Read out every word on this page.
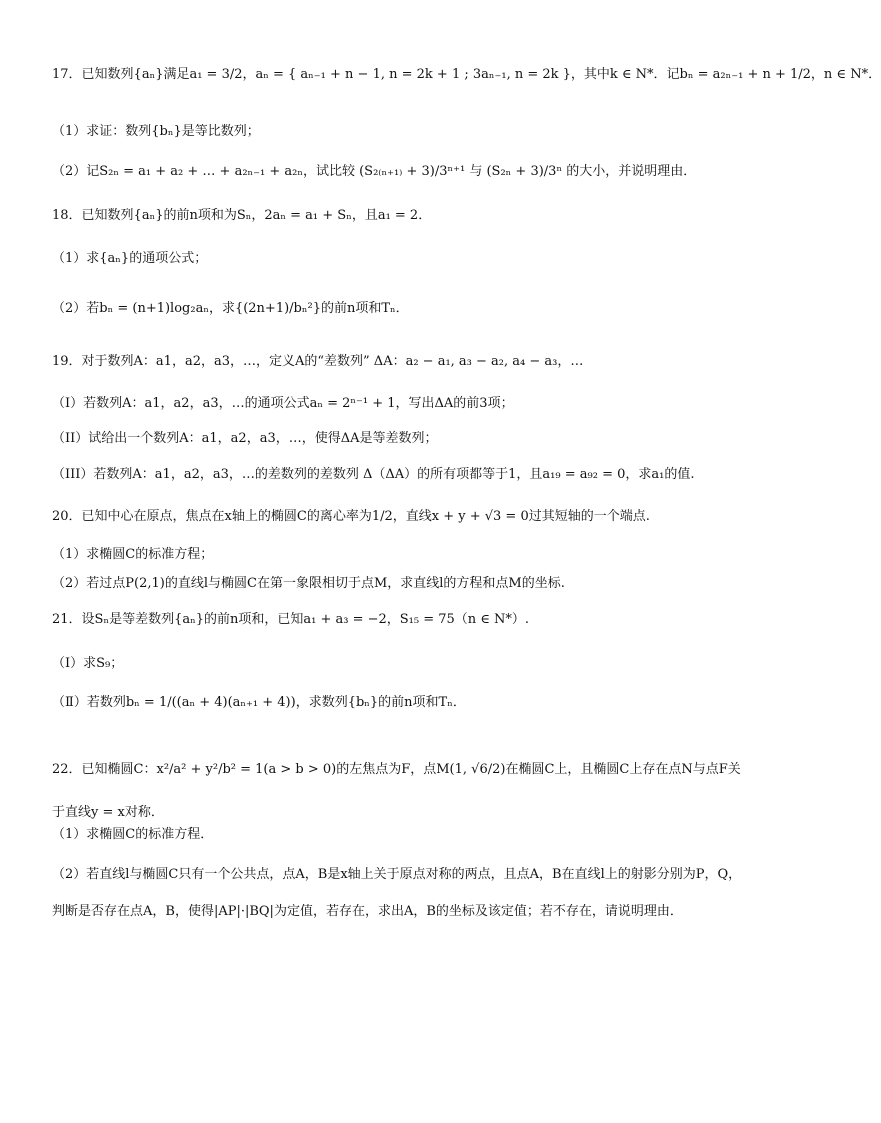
17．已知数列{aₙ}满足a₁ = 3/2，aₙ = { aₙ₋₁ + n − 1, n = 2k + 1 ; 3aₙ₋₁, n = 2k }，其中k ∈ N*．记bₙ = a₂ₙ₋₁ + n + 1/2，n ∈ N*．
（1）求证：数列{bₙ}是等比数列；
（2）记S₂ₙ = a₁ + a₂ + … + a₂ₙ₋₁ + a₂ₙ，试比较 (S₂₍ₙ₊₁₎ + 3)/3ⁿ⁺¹ 与 (S₂ₙ + 3)/3ⁿ 的大小，并说明理由．
18．已知数列{aₙ}的前n项和为Sₙ，2aₙ = a₁ + Sₙ，且a₁ = 2．
（1）求{aₙ}的通项公式；
（2）若bₙ = (n+1)log₂aₙ，求{(2n+1)/bₙ²}的前n项和Tₙ．
19．对于数列A：a1，a2，a3，…，定义A的“差数列” ΔA：a₂ − a₁, a₃ − a₂, a₄ − a₃，…
（I）若数列A：a1，a2，a3，…的通项公式aₙ = 2ⁿ⁻¹ + 1，写出ΔA的前3项；
（II）试给出一个数列A：a1，a2，a3，…，使得ΔA是等差数列；
（III）若数列A：a1，a2，a3，…的差数列的差数列 Δ（ΔA）的所有项都等于1，且a₁₉ = a₉₂ = 0，求a₁的值.
20．已知中心在原点，焦点在x轴上的椭圆C的离心率为1/2，直线x + y + √3 = 0过其短轴的一个端点.
（1）求椭圆C的标准方程；
（2）若过点P(2,1)的直线l与椭圆C在第一象限相切于点M，求直线l的方程和点M的坐标.
21．设Sₙ是等差数列{aₙ}的前n项和，已知a₁ + a₃ = −2，S₁₅ = 75（n ∈ N*）.
（Ⅰ）求S₉；
（Ⅱ）若数列bₙ = 1/((aₙ + 4)(aₙ₊₁ + 4))，求数列{bₙ}的前n项和Tₙ．
22．已知椭圆C：x²/a² + y²/b² = 1(a > b > 0)的左焦点为F，点M(1, √6/2)在椭圆C上，且椭圆C上存在点N与点F关于直线y = x对称．
（1）求椭圆C的标准方程．
（2）若直线l与椭圆C只有一个公共点，点A，B是x轴上关于原点对称的两点，且点A，B在直线l上的射影分别为P，Q，判断是否存在点A，B，使得|AP|·|BQ|为定值，若存在，求出A，B的坐标及该定值；若不存在，请说明理由．
